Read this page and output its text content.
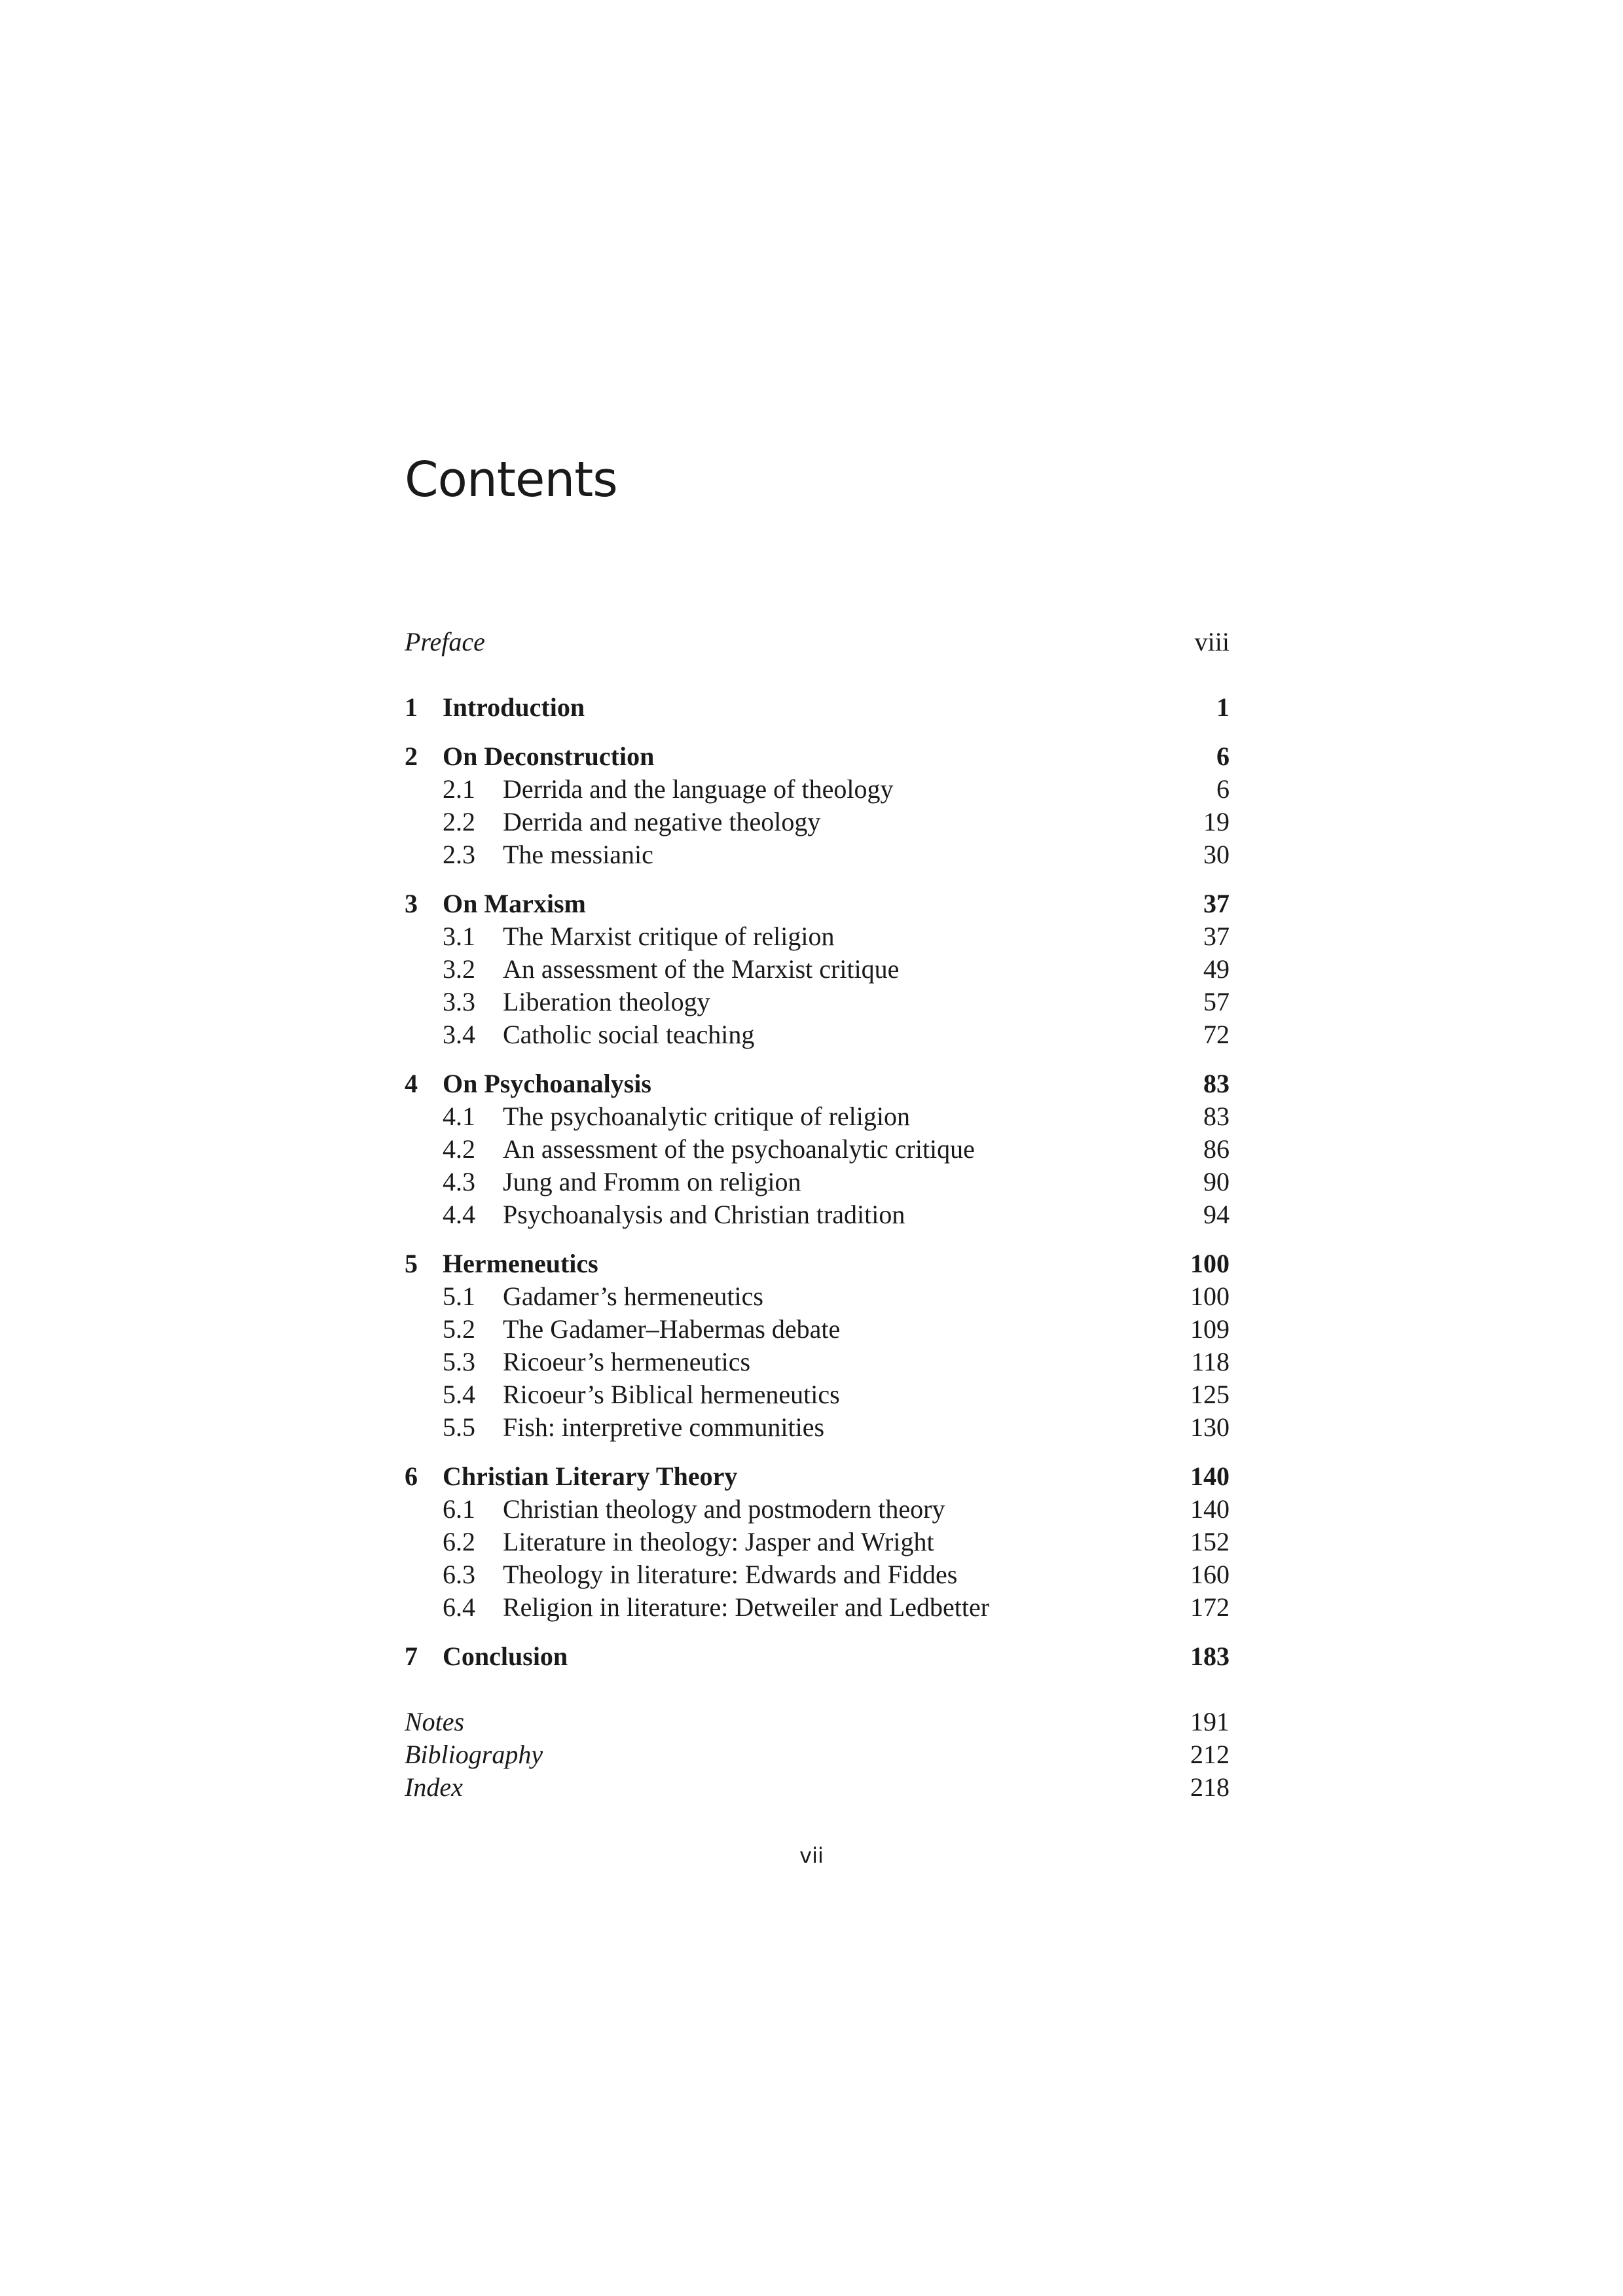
Contents
Preface	viii
1 Introduction	1
2 On Deconstruction	6
2.1 Derrida and the language of theology	6
2.2 Derrida and negative theology	19
2.3 The messianic	30
3 On Marxism	37
3.1 The Marxist critique of religion	37
3.2 An assessment of the Marxist critique	49
3.3 Liberation theology	57
3.4 Catholic social teaching	72
4 On Psychoanalysis	83
4.1 The psychoanalytic critique of religion	83
4.2 An assessment of the psychoanalytic critique	86
4.3 Jung and Fromm on religion	90
4.4 Psychoanalysis and Christian tradition	94
5 Hermeneutics	100
5.1 Gadamer’s hermeneutics	100
5.2 The Gadamer–Habermas debate	109
5.3 Ricoeur’s hermeneutics	118
5.4 Ricoeur’s Biblical hermeneutics	125
5.5 Fish: interpretive communities	130
6 Christian Literary Theory	140
6.1 Christian theology and postmodern theory	140
6.2 Literature in theology: Jasper and Wright	152
6.3 Theology in literature: Edwards and Fiddes	160
6.4 Religion in literature: Detweiler and Ledbetter	172
7 Conclusion	183
Notes	191
Bibliography	212
Index	218
vii
